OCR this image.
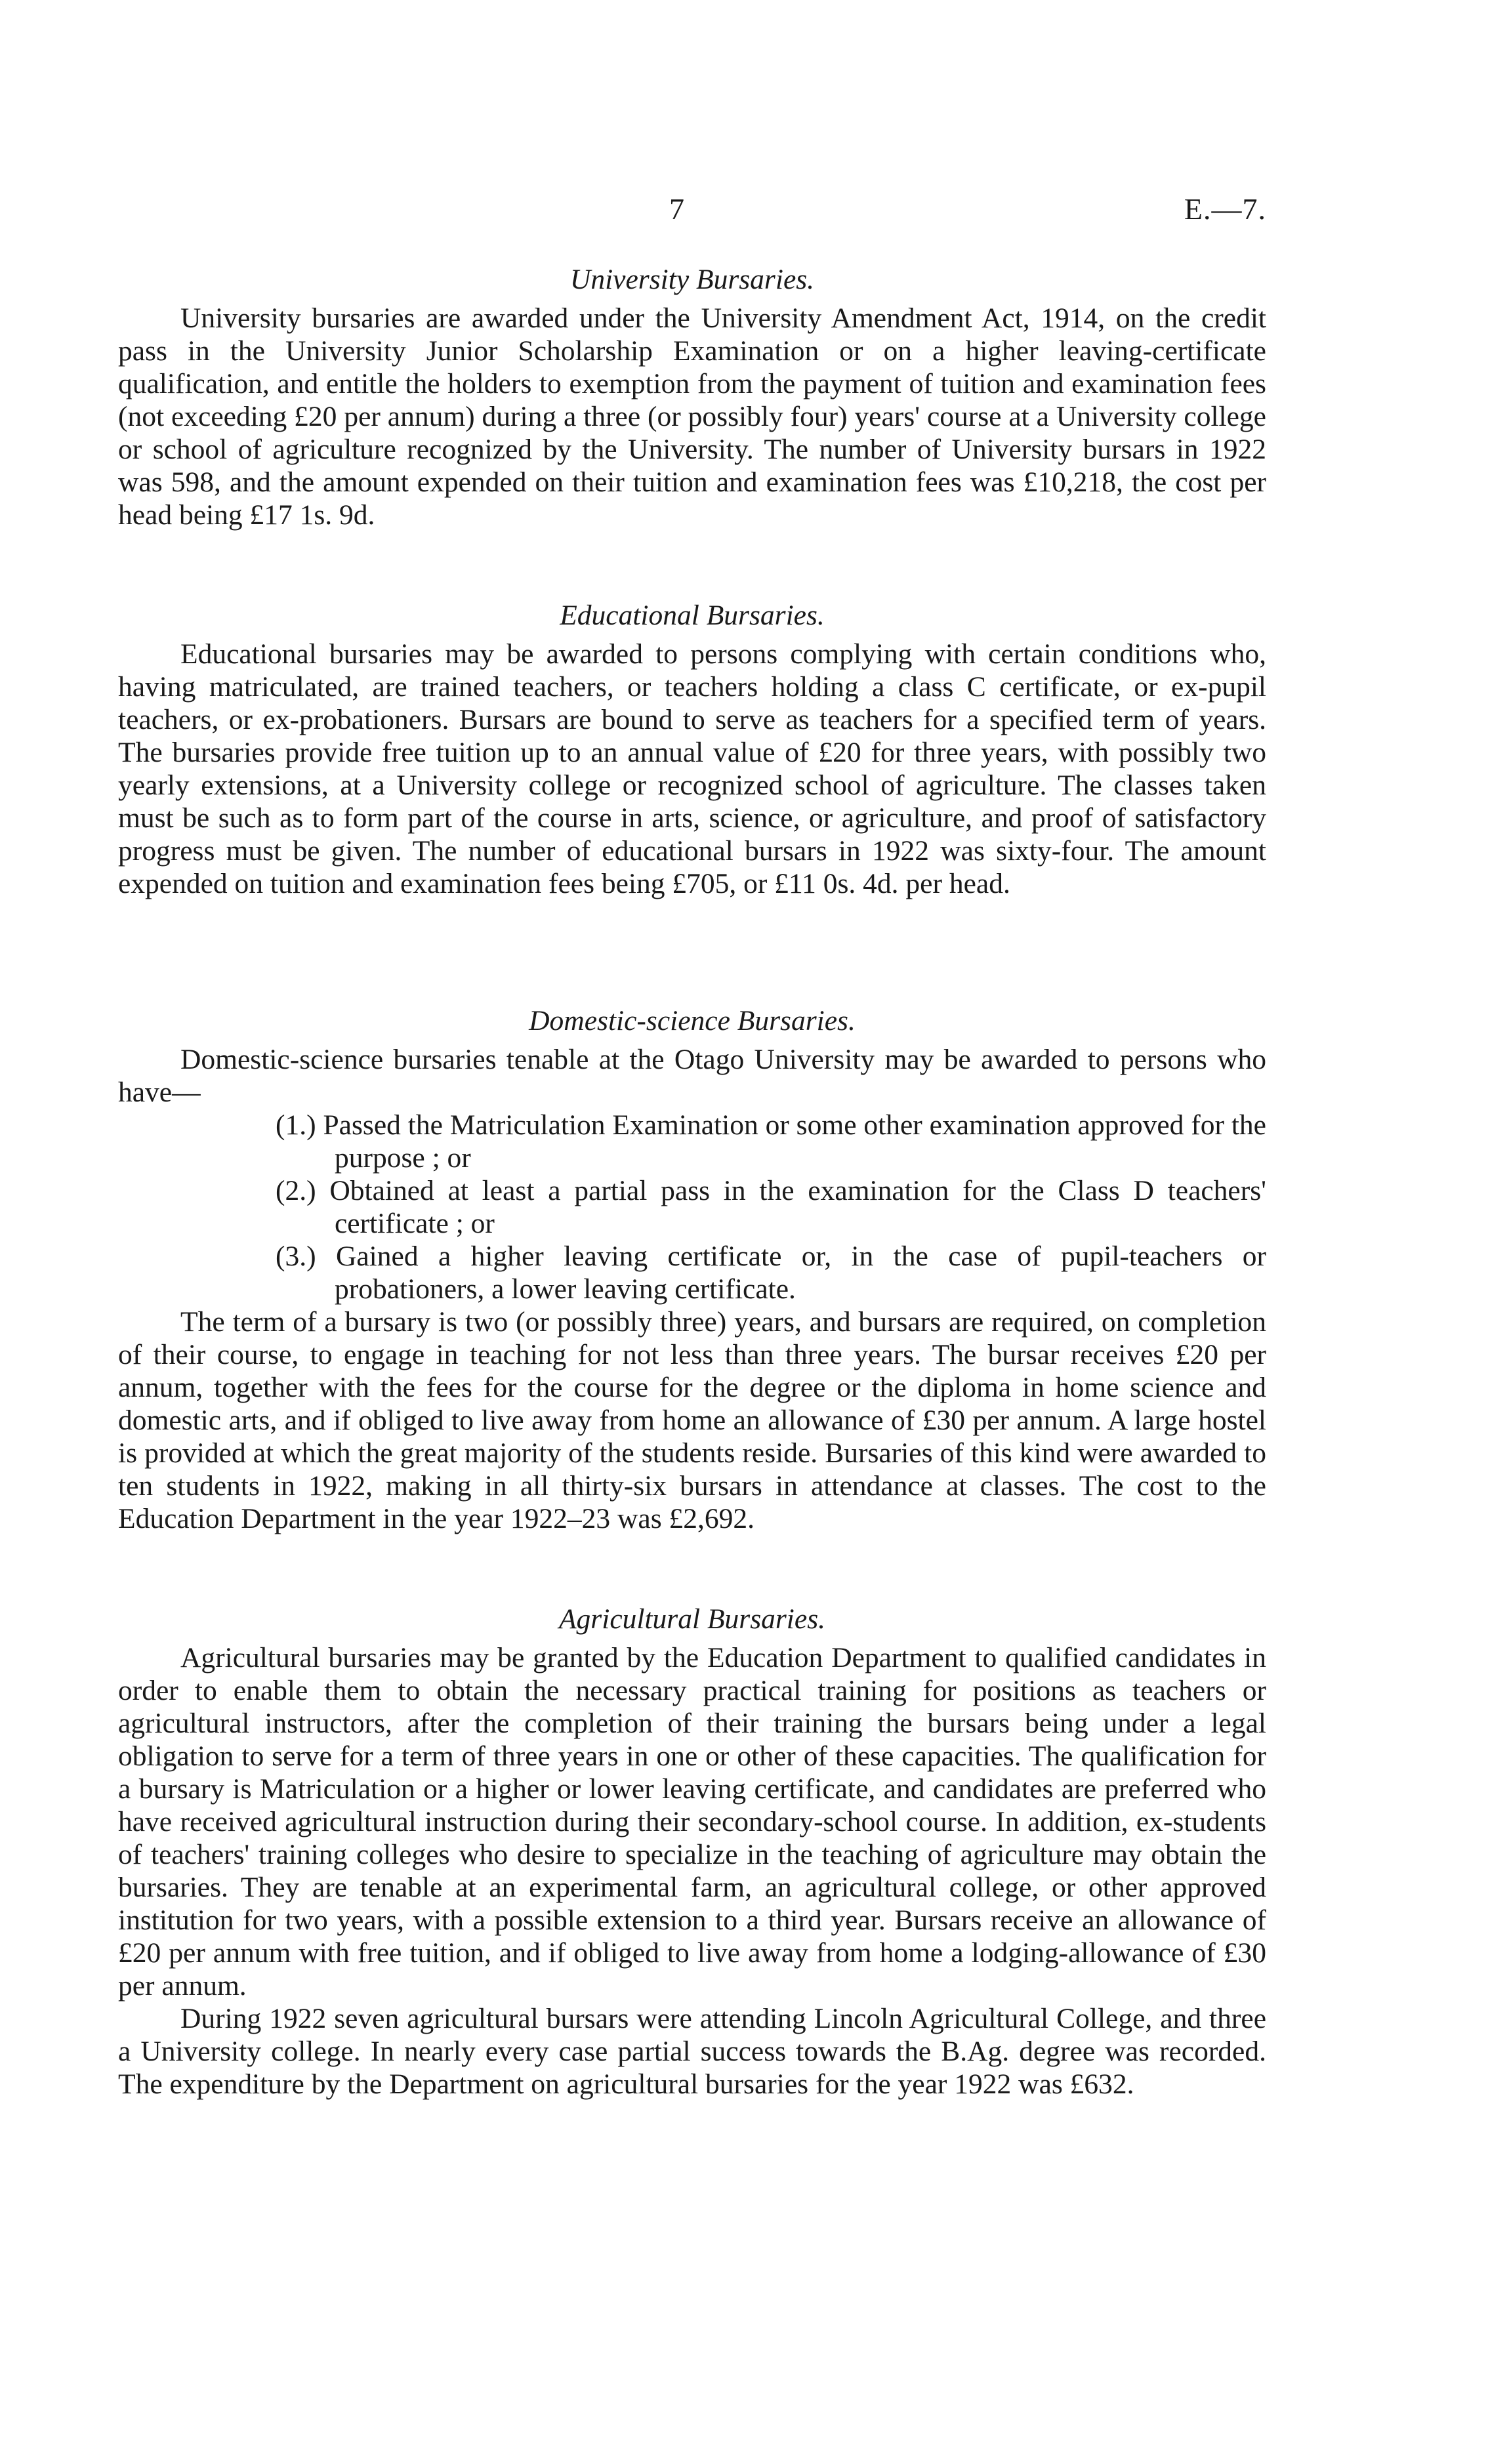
7	E.—7.
University Bursaries.

University bursaries are awarded under the University Amendment Act, 1914, on the credit pass in the University Junior Scholarship Examination or on a higher leaving-certificate qualification, and entitle the holders to exemption from the payment of tuition and examination fees (not exceeding £20 per annum) during a three (or possibly four) years' course at a University college or school of agriculture recognized by the University. The number of University bursars in 1922 was 598, and the amount expended on their tuition and examination fees was £10,218, the cost per head being £17 1s. 9d.

Educational Bursaries.

Educational bursaries may be awarded to persons complying with certain conditions who, having matriculated, are trained teachers, or teachers holding a class C certificate, or ex-pupil teachers, or ex-probationers. Bursars are bound to serve as teachers for a specified term of years. The bursaries provide free tuition up to an annual value of £20 for three years, with possibly two yearly extensions, at a University college or recognized school of agriculture. The classes taken must be such as to form part of the course in arts, science, or agriculture, and proof of satisfactory progress must be given. The number of educational bursars in 1922 was sixty-four. The amount expended on tuition and examination fees being £705, or £11 0s. 4d. per head.

Domestic-science Bursaries.

Domestic-science bursaries tenable at the Otago University may be awarded to persons who have—

(1.) Passed the Matriculation Examination or some other examination approved for the purpose ; or
(2.) Obtained at least a partial pass in the examination for the Class D teachers' certificate ; or
(3.) Gained a higher leaving certificate or, in the case of pupil-teachers or probationers, a lower leaving certificate.

The term of a bursary is two (or possibly three) years, and bursars are required, on completion of their course, to engage in teaching for not less than three years. The bursar receives £20 per annum, together with the fees for the course for the degree or the diploma in home science and domestic arts, and if obliged to live away from home an allowance of £30 per annum. A large hostel is provided at which the great majority of the students reside. Bursaries of this kind were awarded to ten students in 1922, making in all thirty-six bursars in attendance at classes. The cost to the Education Department in the year 1922–23 was £2,692.

Agricultural Bursaries.

Agricultural bursaries may be granted by the Education Department to qualified candidates in order to enable them to obtain the necessary practical training for positions as teachers or agricultural instructors, after the completion of their training the bursars being under a legal obligation to serve for a term of three years in one or other of these capacities. The qualification for a bursary is Matriculation or a higher or lower leaving certificate, and candidates are preferred who have received agricultural instruction during their secondary-school course. In addition, ex-students of teachers' training colleges who desire to specialize in the teaching of agriculture may obtain the bursaries. They are tenable at an experimental farm, an agricultural college, or other approved institution for two years, with a possible extension to a third year. Bursars receive an allowance of £20 per annum with free tuition, and if obliged to live away from home a lodging-allowance of £30 per annum.

During 1922 seven agricultural bursars were attending Lincoln Agricultural College, and three a University college. In nearly every case partial success towards the B.Ag. degree was recorded. The expenditure by the Department on agricultural bursaries for the year 1922 was £632.
